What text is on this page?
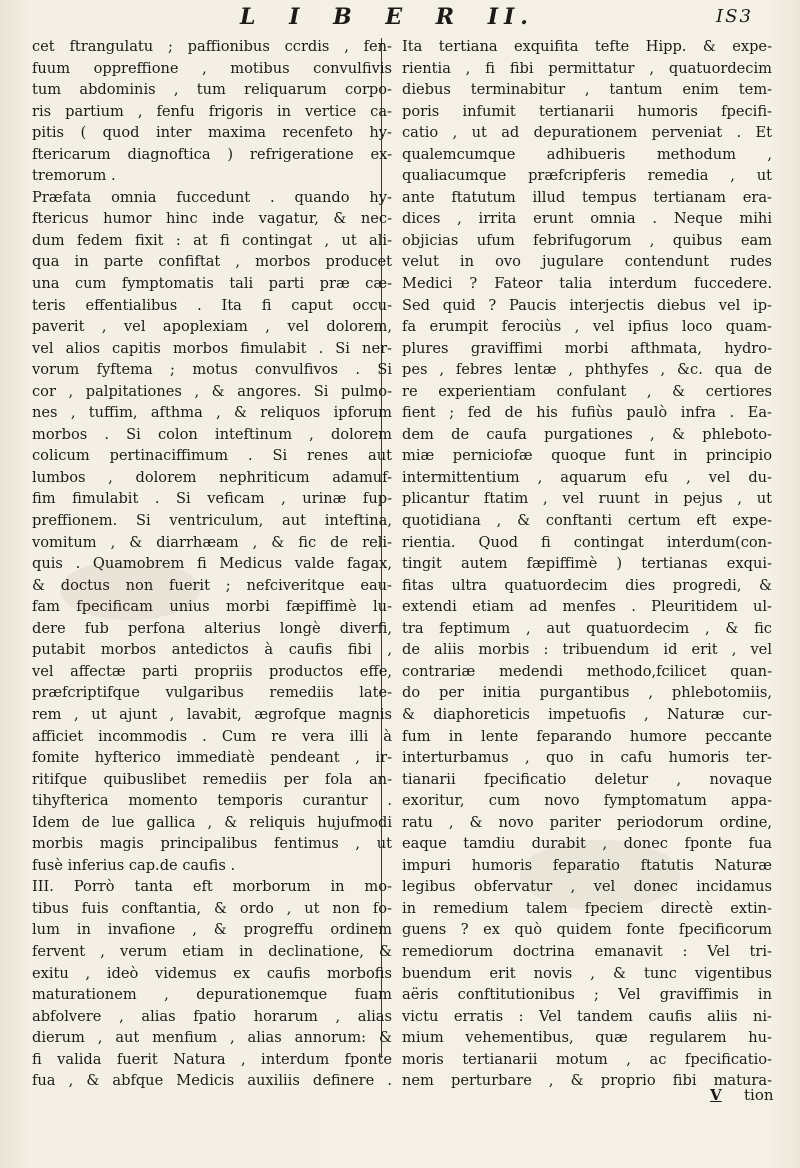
L I B E R II.	IS3
cet ftrangulatu ; paffionibus ccrdis , fen-
fuum oppreffione , motibus convulfivis
tum abdominis , tum reliquarum corpo-
ris partium , fenfu frigoris in vertice ca-
pitis ( quod inter maxima recenfeto hy-
ftericarum diagnoftica ) refrigeratione ex-
tremorum .
Præfata omnia fuccedunt . quando hy-
ftericus humor hinc inde vagatur, & nec-
dum fedem fixit : at fi contingat , ut ali-
qua in parte confiftat , morbos producet
una cum fymptomatis tali parti præ cæ-
teris effentialibus . Ita fi caput occu-
paverit , vel apoplexiam , vel dolorem,
vel alios capitis morbos fimulabit . Si ner-
vorum fyftema ; motus convulfivos . Si
cor , palpitationes , & angores. Si pulmo-
nes , tuffim, afthma , & reliquos ipforum
morbos . Si colon inteftinum , dolorem
colicum pertinaciffimum . Si renes aut
lumbos , dolorem nephriticum adamuf-
fim fimulabit . Si veficam , urinæ fup-
preffionem. Si ventriculum, aut inteftina,
vomitum , & diarrhæam , & fic de reli-
quis . Quamobrem fi Medicus valde fagax,
& doctus non fuerit ; nefciveritque eau-
fam fpecificam unius morbi fæpiffimè lu-
dere fub perfona alterius longè diverfi,
putabit morbos antedictos à caufis fibi ,
vel affectæ parti propriis productos effe,
præfcriptifque vulgaribus remediis late-
rem , ut ajunt , lavabit, ægrofque magnis
afficiet incommodis . Cum re vera illi à
fomite hyfterico immediatè pendeant , ir-
ritifque quibuslibet remediis per fola an-
tihyfterica momento temporis curantur .
Idem de lue gallica , & reliquis hujufmodi
morbis magis principalibus fentimus , ut
fusè inferius cap.de caufis .
III. Porrò tanta eft morborum in mo-
tibus fuis conftantia, & ordo , ut non fo-
lum in invafione , & progreffu ordinem
fervent , verum etiam in declinatione, &
exitu , ideò videmus ex caufis morbofis
maturationem , depurationemque fuam
abfolvere , alias fpatio horarum , alias
dierum , aut menfium , alias annorum: &
fi valida fuerit Natura , interdum fponte
fua , & abfque Medicis auxiliis definere .
Ita tertiana exquifita tefte Hipp. & expe-
rientia , fi fibi permittatur , quatuordecim
diebus terminabitur , tantum enim tem-
poris infumit tertianarii humoris fpecifi-
catio , ut ad depurationem perveniat . Et
qualemcumque adhibueris methodum ,
qualiacumque præfcripferis remedia , ut
ante ftatutum illud tempus tertianam era-
dices , irrita erunt omnia . Neque mihi
objicias ufum febrifugorum , quibus eam
velut in ovo jugulare contendunt rudes
Medici ? Fateor talia interdum fuccedere.
Sed quid ? Paucis interjectis diebus vel ip-
fa erumpit ferociùs , vel ipfius loco quam-
plures graviffimi morbi afthmata, hydro-
pes , febres lentæ , phthyfes , &c. qua de
re experientiam confulant , & certiores
fient ; fed de his fufiùs paulò infra . Ea-
dem de caufa purgationes , & phleboto-
miæ perniciofæ quoque funt in principio
intermittentium , aquarum efu , vel du-
plicantur ftatim , vel ruunt in pejus , ut
quotidiana , & conftanti certum eft expe-
rientia. Quod fi contingat interdum(con-
tingit autem fæpiffimè ) tertianas exqui-
fitas ultra quatuordecim dies progredi, &
extendi etiam ad menfes . Pleuritidem ul-
tra feptimum , aut quatuordecim , & fic
de aliis morbis : tribuendum id erit , vel
contrariæ medendi methodo,fcilicet quan-
do per initia purgantibus , phlebotomiis,
& diaphoreticis impetuofis , Naturæ cur-
fum in lente feparando humore peccante
interturbamus , quo in cafu humoris ter-
tianarii fpecificatio deletur , novaque
exoritur, cum novo fymptomatum appa-
ratu , & novo pariter periodorum ordine,
eaque tamdiu durabit , donec fponte fua
impuri humoris feparatio ftatutis Naturæ
legibus obfervatur , vel donec incidamus
in remedium talem fpeciem directè extin-
guens ? ex quò quidem fonte fpecificorum
remediorum doctrina emanavit : Vel tri-
buendum erit novis , & tunc vigentibus
aëris conftitutionibus ; Vel graviffimis in
victu erratis : Vel tandem caufis aliis ni-
mium vehementibus, quæ regularem hu-
moris tertianarii motum , ac fpecificatio-
nem perturbare , & proprio fibi matura-
V tion
